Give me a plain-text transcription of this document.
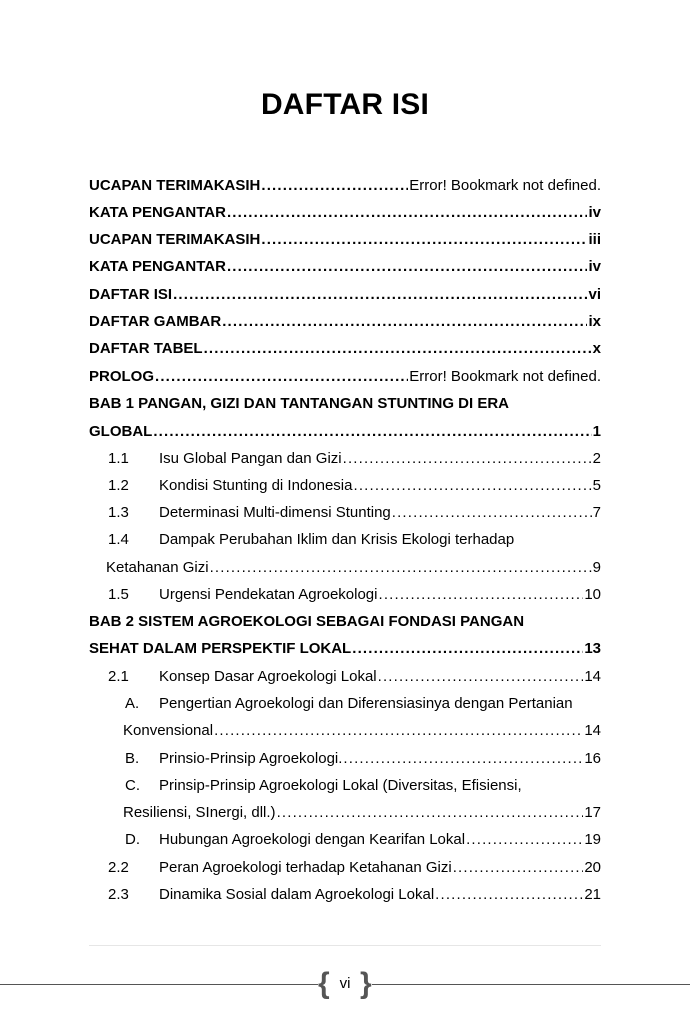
DAFTAR ISI
UCAPAN TERIMAKASIH . . .	Error! Bookmark not defined.
KATA PENGANTAR . . .	iv
UCAPAN TERIMAKASIH . . .	iii
KATA PENGANTAR . . .	iv
DAFTAR ISI . . .	vi
DAFTAR GAMBAR . . .	ix
DAFTAR TABEL . . .	x
PROLOG . . .	Error! Bookmark not defined.
BAB 1 PANGAN, GIZI DAN TANTANGAN STUNTING DI ERA
GLOBAL . . .	1
1.1	Isu Global Pangan dan Gizi . . .	2
1.2	Kondisi Stunting di Indonesia . . .	5
1.3	Determinasi Multi-dimensi Stunting . . .	7
1.4	Dampak Perubahan Iklim dan Krisis Ekologi terhadap
Ketahanan Gizi . . .	9
1.5	Urgensi Pendekatan Agroekologi . . .	10
BAB 2 SISTEM AGROEKOLOGI SEBAGAI FONDASI PANGAN
SEHAT DALAM PERSPEKTIF LOKAL . . .	13
2.1	Konsep Dasar Agroekologi Lokal . . .	14
A.	Pengertian Agroekologi dan Diferensiasinya dengan Pertanian
Konvensional . . .	14
B.	Prinsio-Prinsip Agroekologi. . . .	16
C.	Prinsip-Prinsip Agroekologi Lokal (Diversitas, Efisiensi,
Resiliensi, SInergi, dll.) . . .	17
D.	Hubungan Agroekologi dengan Kearifan Lokal . . .	19
2.2	Peran Agroekologi terhadap Ketahanan Gizi . . .	20
2.3	Dinamika Sosial dalam Agroekologi Lokal . . .	21
{ vi }
